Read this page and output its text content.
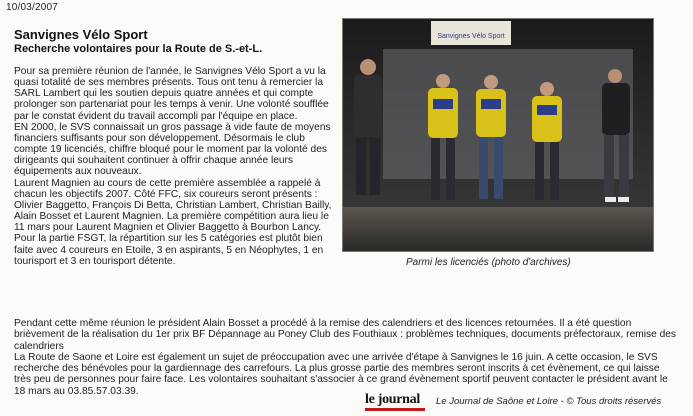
10/03/2007
Sanvignes Vélo Sport
Recherche volontaires pour la Route de S.-et-L.

Pour sa première réunion de l'année, le Sanvignes Vélo Sport a vu la quasi totalité de ses membres présents. Tous ont tenu à remercier la SARL Lambert qui les soutien depuis quatre années et qui compte prolonger son partenariat pour les temps à venir. Une volonté soufflée par le constat évident du travail accompli par l'équipe en place.
EN 2000, le SVS connaissait un gros passage à vide faute de moyens financiers suffisants pour son développement. Désormais le club compte 19 licenciés, chiffre bloqué pour le moment par la volonté des dirigeants qui souhaitent continuer à offrir chaque année leurs équipements aux nouveaux.
Laurent Magnien au cours de cette première assemblée a rappelé à chacun les objectifs 2007. Côté FFC, six coureurs seront présents : Olivier Baggetto, François Di Betta, Christian Lambert, Christian Bailly, Alain Bosset et Laurent Magnien. La première compétition aura lieu le 11 mars pour Laurent Magnien et Olivier Baggetto à Bourbon Lancy. Pour la partie FSGT, la répartition sur les 5 catégories est plutôt bien faite avec 4 coureurs en Etoile, 3 en aspirants, 5 en Néophytes, 1 en tourisport et 3 en tourisport détente.

Sanvignes Vélo Sport
Parmi les licenciés (photo d'archives)

Pendant cette même réunion le président Alain Bosset a procédé à la remise des calendriers et des licences retournées. Il a été question brièvement de la réalisation du 1er prix BF Dépannage au Poney Club des Fouthiaux : problèmes techniques, documents préfectoraux, remise des calendriers
La Route de Saone et Loire est également un sujet de préoccupation avec une arrivée d'étape à Sanvignes le 16 juin. A cette occasion, le SVS recherche des bénévoles pour la gardiennage des carrefours. La plus grosse partie des membres seront inscrits à cet évènement, ce qui laisse très peu de personnes pour faire face. Les volontaires souhaitant s'associer à ce grand évènement sportif peuvent contacter le président avant le 18 mars au 03.85.57.03.39.

le journal Le Journal de Saône et Loire - © Tous droits réservés
